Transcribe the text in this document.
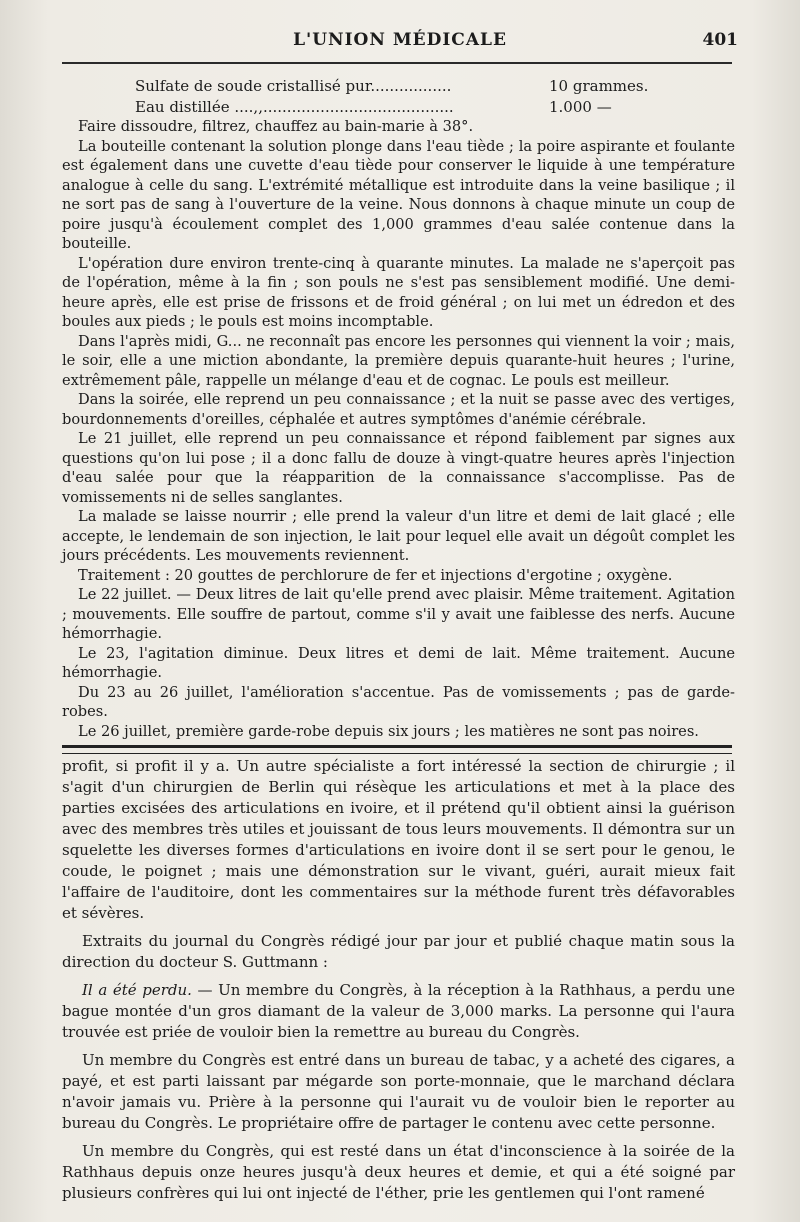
L'UNION MÉDICALE	401
Sulfate de soude cristallisé pur.................	10 grammes.
Eau distillée ....,,........................................	1.000 —

Faire dissoudre, filtrez, chauffez au bain-marie à 38°.

La bouteille contenant la solution plonge dans l'eau tiède ; la poire aspirante et foulante est également dans une cuvette d'eau tiède pour conserver le liquide à une température analogue à celle du sang. L'extrémité métallique est introduite dans la veine basilique ; il ne sort pas de sang à l'ouverture de la veine. Nous donnons à chaque minute un coup de poire jusqu'à écoulement complet des 1,000 grammes d'eau salée contenue dans la bouteille.

L'opération dure environ trente-cinq à quarante minutes. La malade ne s'aperçoit pas de l'opération, même à la fin ; son pouls ne s'est pas sensiblement modifié. Une demi-heure après, elle est prise de frissons et de froid général ; on lui met un édredon et des boules aux pieds ; le pouls est moins incomptable.

Dans l'après midi, G... ne reconnaît pas encore les personnes qui viennent la voir ; mais, le soir, elle a une miction abondante, la première depuis quarante-huit heures ; l'urine, extrêmement pâle, rappelle un mélange d'eau et de cognac. Le pouls est meilleur.

Dans la soirée, elle reprend un peu connaissance ; et la nuit se passe avec des vertiges, bourdonnements d'oreilles, céphalée et autres symptômes d'anémie cérébrale.

Le 21 juillet, elle reprend un peu connaissance et répond faiblement par signes aux questions qu'on lui pose ; il a donc fallu de douze à vingt-quatre heures après l'injection d'eau salée pour que la réapparition de la connaissance s'accomplisse. Pas de vomissements ni de selles sanglantes.

La malade se laisse nourrir ; elle prend la valeur d'un litre et demi de lait glacé ; elle accepte, le lendemain de son injection, le lait pour lequel elle avait un dégoût complet les jours précédents. Les mouvements reviennent.

Traitement : 20 gouttes de perchlorure de fer et injections d'ergotine ; oxygène.

Le 22 juillet. — Deux litres de lait qu'elle prend avec plaisir. Même traitement. Agitation ; mouvements. Elle souffre de partout, comme s'il y avait une faiblesse des nerfs. Aucune hémorrhagie.

Le 23, l'agitation diminue. Deux litres et demi de lait. Même traitement. Aucune hémorrhagie.

Du 23 au 26 juillet, l'amélioration s'accentue. Pas de vomissements ; pas de garde-robes.

Le 26 juillet, première garde-robe depuis six jours ; les matières ne sont pas noires.

profit, si profit il y a. Un autre spécialiste a fort intéressé la section de chirurgie ; il s'agit d'un chirurgien de Berlin qui résèque les articulations et met à la place des parties excisées des articulations en ivoire, et il prétend qu'il obtient ainsi la guérison avec des membres très utiles et jouissant de tous leurs mouvements. Il démontra sur un squelette les diverses formes d'articulations en ivoire dont il se sert pour le genou, le coude, le poignet ; mais une démonstration sur le vivant, guéri, aurait mieux fait l'affaire de l'auditoire, dont les commentaires sur la méthode furent très défavorables et sévères.

Extraits du journal du Congrès rédigé jour par jour et publié chaque matin sous la direction du docteur S. Guttmann :

Il a été perdu. — Un membre du Congrès, à la réception à la Rathhaus, a perdu une bague montée d'un gros diamant de la valeur de 3,000 marks. La personne qui l'aura trouvée est priée de vouloir bien la remettre au bureau du Congrès.

Un membre du Congrès est entré dans un bureau de tabac, y a acheté des cigares, a payé, et est parti laissant par mégarde son porte-monnaie, que le marchand déclara n'avoir jamais vu. Prière à la personne qui l'aurait vu de vouloir bien le reporter au bureau du Congrès. Le propriétaire offre de partager le contenu avec cette personne.

Un membre du Congrès, qui est resté dans un état d'inconscience à la soirée de la Rathhaus depuis onze heures jusqu'à deux heures et demie, et qui a été soigné par plusieurs confrères qui lui ont injecté de l'éther, prie les gentlemen qui l'ont ramené
